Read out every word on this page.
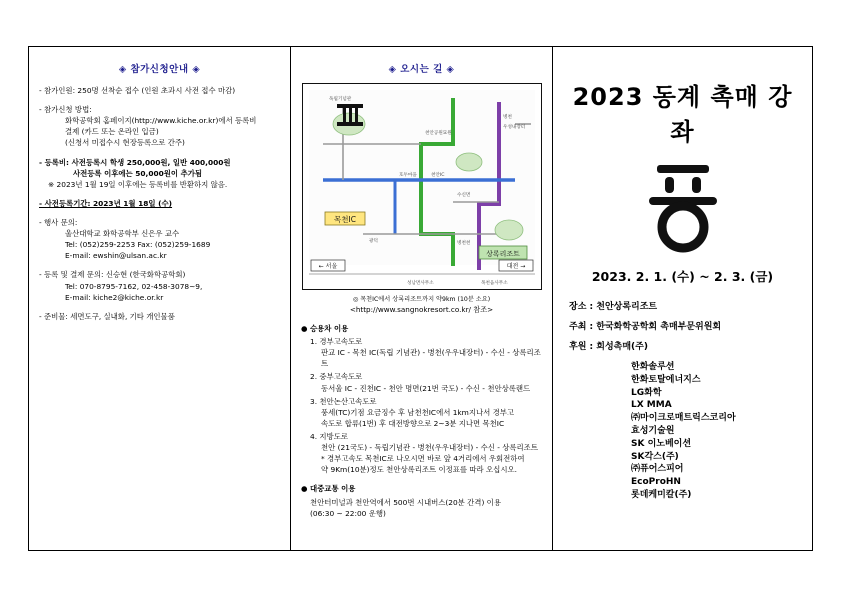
◈ 참가신청안내 ◈
- 참가인원: 250명 선착순 접수 (인원 초과시 사전 접수 마감)
- 참가신청 방법:
화학공학회 홈페이지(http://www.kiche.or.kr)에서 등록비
결제 (카드 또는 온라인 입금)
(신청서 미접수시 현장등록으로 간주)
- 등록비: 사전등록시 학생 250,000원, 일반 400,000원
사전등록 이후에는 50,000원이 추가됨
※ 2023년 1월 19일 이후에는 등록비를 반환하지 않음.
- 사전등록기간: 2023년 1월 18일 (수)
- 행사 문의:
울산대학교 화학공학부 신은우 교수
Tel: (052)259-2253 Fax: (052)259-1689
E-mail: ewshin@ulsan.ac.kr
- 등록 및 결제 문의: 신승현 (한국화학공학회)
Tel: 070-8795-7162, 02-458-3078~9,
E-mail: kiche2@kiche.or.kr
- 준비물: 세면도구, 실내화, 기타 개인물품
◈ 오시는 길 ◈
목천IC
상록리조트
독립기념관
천안공원묘원
병천
우성내장터
호두마을	천안IC
수신면
광덕	병천천
성남면사무소	목천읍사무소
← 서울	대전 →
◎ 목천IC에서 상록리조트까지 약9km (10분 소요)
<http://www.sangnokresort.co.kr/ 참조>
● 승용차 이용
1. 경부고속도로
판교 IC - 목천 IC(독립 기념관) - 병천(우우내장터) - 수신 - 상록리조트
2. 중부고속도로
동서울 IC - 진천IC - 천안 명면(21번 국도) - 수신 - 천안상록랜드
3. 천안논산고속도로
풍세(TC)기점 요금징수 후 남천천IC에서 1km지나서 경부고
속도로 합류(1번) 후 대전방향으로 2~3분 지나면 목천IC
4. 지방도로
천안 (21국도) - 독립기념관 - 병천(우우내장터) - 수신 - 상록리조트
* 경부고속도 목천IC로 나오시면 바로 앞 4거리에서 우회전하여
약 9Km(10분)정도 천안상록리조트 이정표를 따라 오십시오.
● 대중교통 이용
천안터미널과 천안역에서 500번 시내버스(20분 간격) 이용
(06:30 ~ 22:00 운행)
2023 동계 촉매 강좌
2023. 2. 1. (수) ~ 2. 3. (금)
장소 : 천안상록리조트
주최 : 한국화학공학회 촉매부문위원회
후원 : 희성촉매(주)
한화솔루션
한화토탈에너지스
LG화학
LX MMA
㈜마이크로매트릭스코리아
효성기술원
SK 이노베이션
SK각스(주)
㈜퓨어스피어
EcoProHN
롯데케미칼(주)
